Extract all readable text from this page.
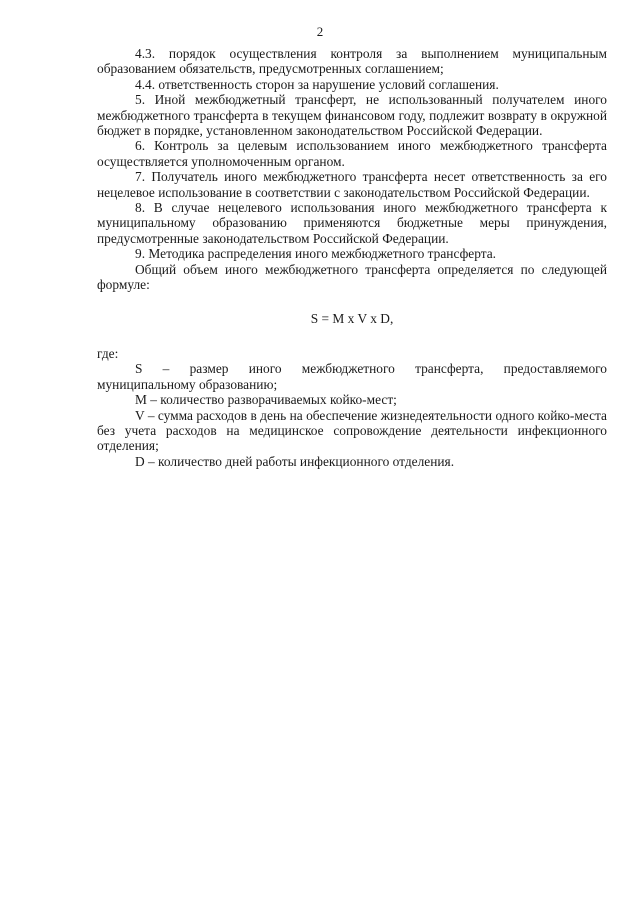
2

4.3. порядок осуществления контроля за выполнением муниципальным образованием обязательств, предусмотренных соглашением;

4.4. ответственность сторон за нарушение условий соглашения.

5. Иной межбюджетный трансферт, не использованный получателем иного межбюджетного трансферта в текущем финансовом году, подлежит возврату в окружной бюджет в порядке, установленном законодательством Российской Федерации.

6. Контроль за целевым использованием иного межбюджетного трансферта осуществляется уполномоченным органом.

7. Получатель иного межбюджетного трансферта несет ответственность за его нецелевое использование в соответствии с законодательством Российской Федерации.

8. В случае нецелевого использования иного межбюджетного трансферта к муниципальному образованию применяются бюджетные меры принуждения, предусмотренные законодательством Российской Федерации.

9. Методика распределения иного межбюджетного трансферта.

Общий объем иного межбюджетного трансферта определяется по следующей формуле:

S = M x V x D,

где:

S – размер иного межбюджетного трансферта, предоставляемого муниципальному образованию;

M – количество разворачиваемых койко-мест;

V – сумма расходов в день на обеспечение жизнедеятельности одного койко-места без учета расходов на медицинское сопровождение деятельности инфекционного отделения;

D – количество дней работы инфекционного отделения.
